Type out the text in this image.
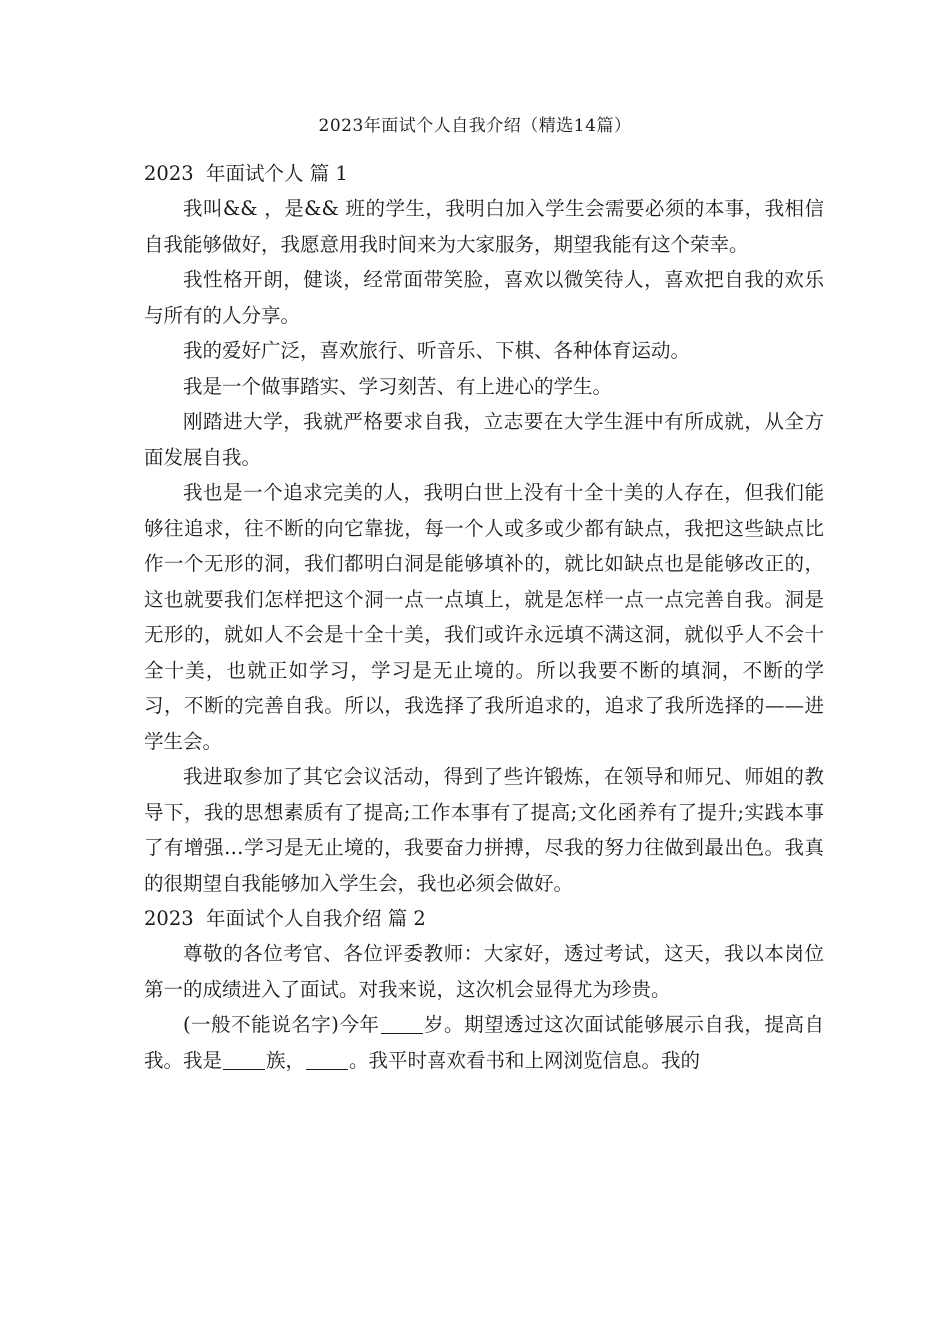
2023年面试个人自我介绍（精选14篇）
2023  年面试个人 篇 1

我叫&& ，是&& 班的学生，我明白加入学生会需要必须的本事，我相信自我能够做好，我愿意用我时间来为大家服务，期望我能有这个荣幸。

我性格开朗，健谈，经常面带笑脸，喜欢以微笑待人，喜欢把自我的欢乐与所有的人分享。

我的爱好广泛，喜欢旅行、听音乐、下棋、各种体育运动。

我是一个做事踏实、学习刻苦、有上进心的学生。

刚踏进大学，我就严格要求自我，立志要在大学生涯中有所成就，从全方面发展自我。

我也是一个追求完美的人，我明白世上没有十全十美的人存在，但我们能够往追求，往不断的向它靠拢，每一个人或多或少都有缺点，我把这些缺点比作一个无形的洞，我们都明白洞是能够填补的，就比如缺点也是能够改正的，这也就要我们怎样把这个洞一点一点填上，就是怎样一点一点完善自我。洞是无形的，就如人不会是十全十美，我们或许永远填不满这洞，就似乎人不会十全十美，也就正如学习，学习是无止境的。所以我要不断的填洞，不断的学习，不断的完善自我。所以，我选择了我所追求的，追求了我所选择的——进学生会。

我进取参加了其它会议活动，得到了些许锻炼，在领导和师兄、师姐的教导下，我的思想素质有了提高;工作本事有了提高;文化函养有了提升;实践本事了有增强…学习是无止境的，我要奋力拼搏，尽我的努力往做到最出色。我真的很期望自我能够加入学生会，我也必须会做好。

2023  年面试个人自我介绍 篇 2

尊敬的各位考官、各位评委教师：大家好，透过考试，这天，我以本岗位第一的成绩进入了面试。对我来说，这次机会显得尤为珍贵。

(一般不能说名字)今年 岁。期望透过这次面试能够展示自我，提高自我。我是 族， 。我平时喜欢看书和上网浏览信息。我的
